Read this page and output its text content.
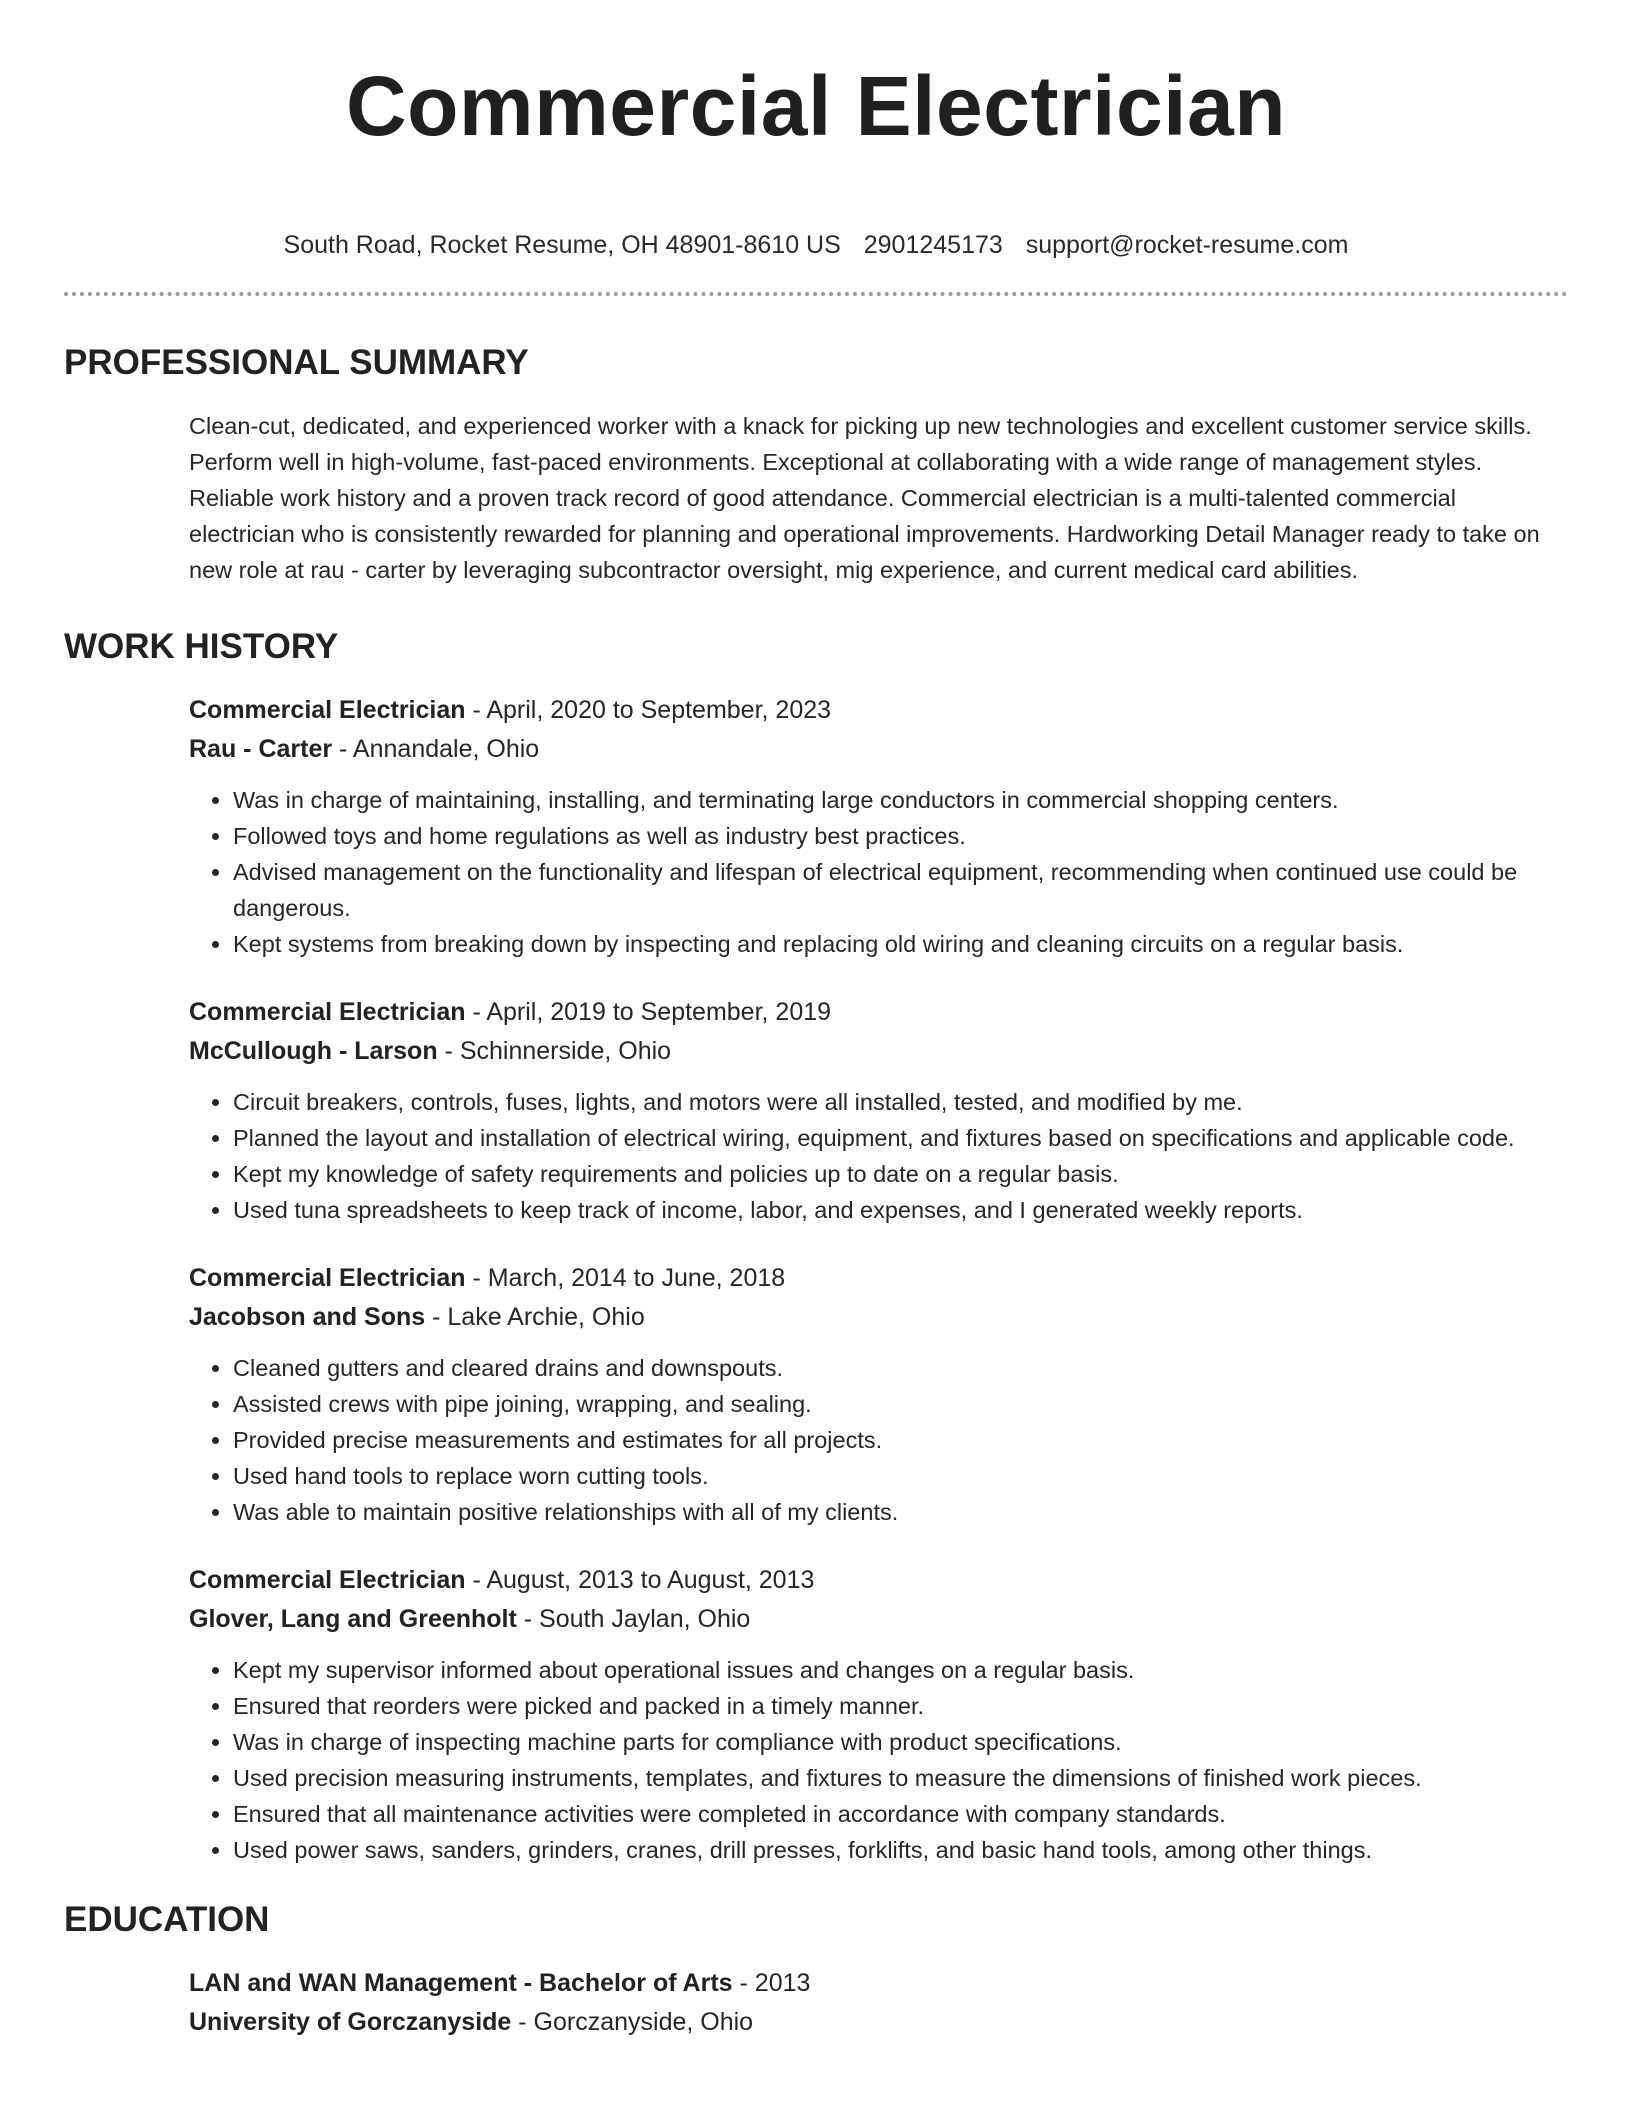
Commercial Electrician
South Road, Rocket Resume, OH 48901-8610 US 2901245173 support@rocket-resume.com
PROFESSIONAL SUMMARY

Clean-cut, dedicated, and experienced worker with a knack for picking up new technologies and excellent customer service skills. Perform well in high-volume, fast-paced environments. Exceptional at collaborating with a wide range of management styles. Reliable work history and a proven track record of good attendance. Commercial electrician is a multi-talented commercial electrician who is consistently rewarded for planning and operational improvements. Hardworking Detail Manager ready to take on new role at rau - carter by leveraging subcontractor oversight, mig experience, and current medical card abilities.

WORK HISTORY
Commercial Electrician - April, 2020 to September, 2023
Rau - Carter - Annandale, Ohio
• Was in charge of maintaining, installing, and terminating large conductors in commercial shopping centers.
• Followed toys and home regulations as well as industry best practices.
• Advised management on the functionality and lifespan of electrical equipment, recommending when continued use could be dangerous.
• Kept systems from breaking down by inspecting and replacing old wiring and cleaning circuits on a regular basis.
Commercial Electrician - April, 2019 to September, 2019
McCullough - Larson - Schinnerside, Ohio
• Circuit breakers, controls, fuses, lights, and motors were all installed, tested, and modified by me.
• Planned the layout and installation of electrical wiring, equipment, and fixtures based on specifications and applicable code.
• Kept my knowledge of safety requirements and policies up to date on a regular basis.
• Used tuna spreadsheets to keep track of income, labor, and expenses, and I generated weekly reports.
Commercial Electrician - March, 2014 to June, 2018
Jacobson and Sons - Lake Archie, Ohio
• Cleaned gutters and cleared drains and downspouts.
• Assisted crews with pipe joining, wrapping, and sealing.
• Provided precise measurements and estimates for all projects.
• Used hand tools to replace worn cutting tools.
• Was able to maintain positive relationships with all of my clients.
Commercial Electrician - August, 2013 to August, 2013
Glover, Lang and Greenholt - South Jaylan, Ohio
• Kept my supervisor informed about operational issues and changes on a regular basis.
• Ensured that reorders were picked and packed in a timely manner.
• Was in charge of inspecting machine parts for compliance with product specifications.
• Used precision measuring instruments, templates, and fixtures to measure the dimensions of finished work pieces.
• Ensured that all maintenance activities were completed in accordance with company standards.
• Used power saws, sanders, grinders, cranes, drill presses, forklifts, and basic hand tools, among other things.
EDUCATION
LAN and WAN Management - Bachelor of Arts - 2013
University of Gorczanyside - Gorczanyside, Ohio
